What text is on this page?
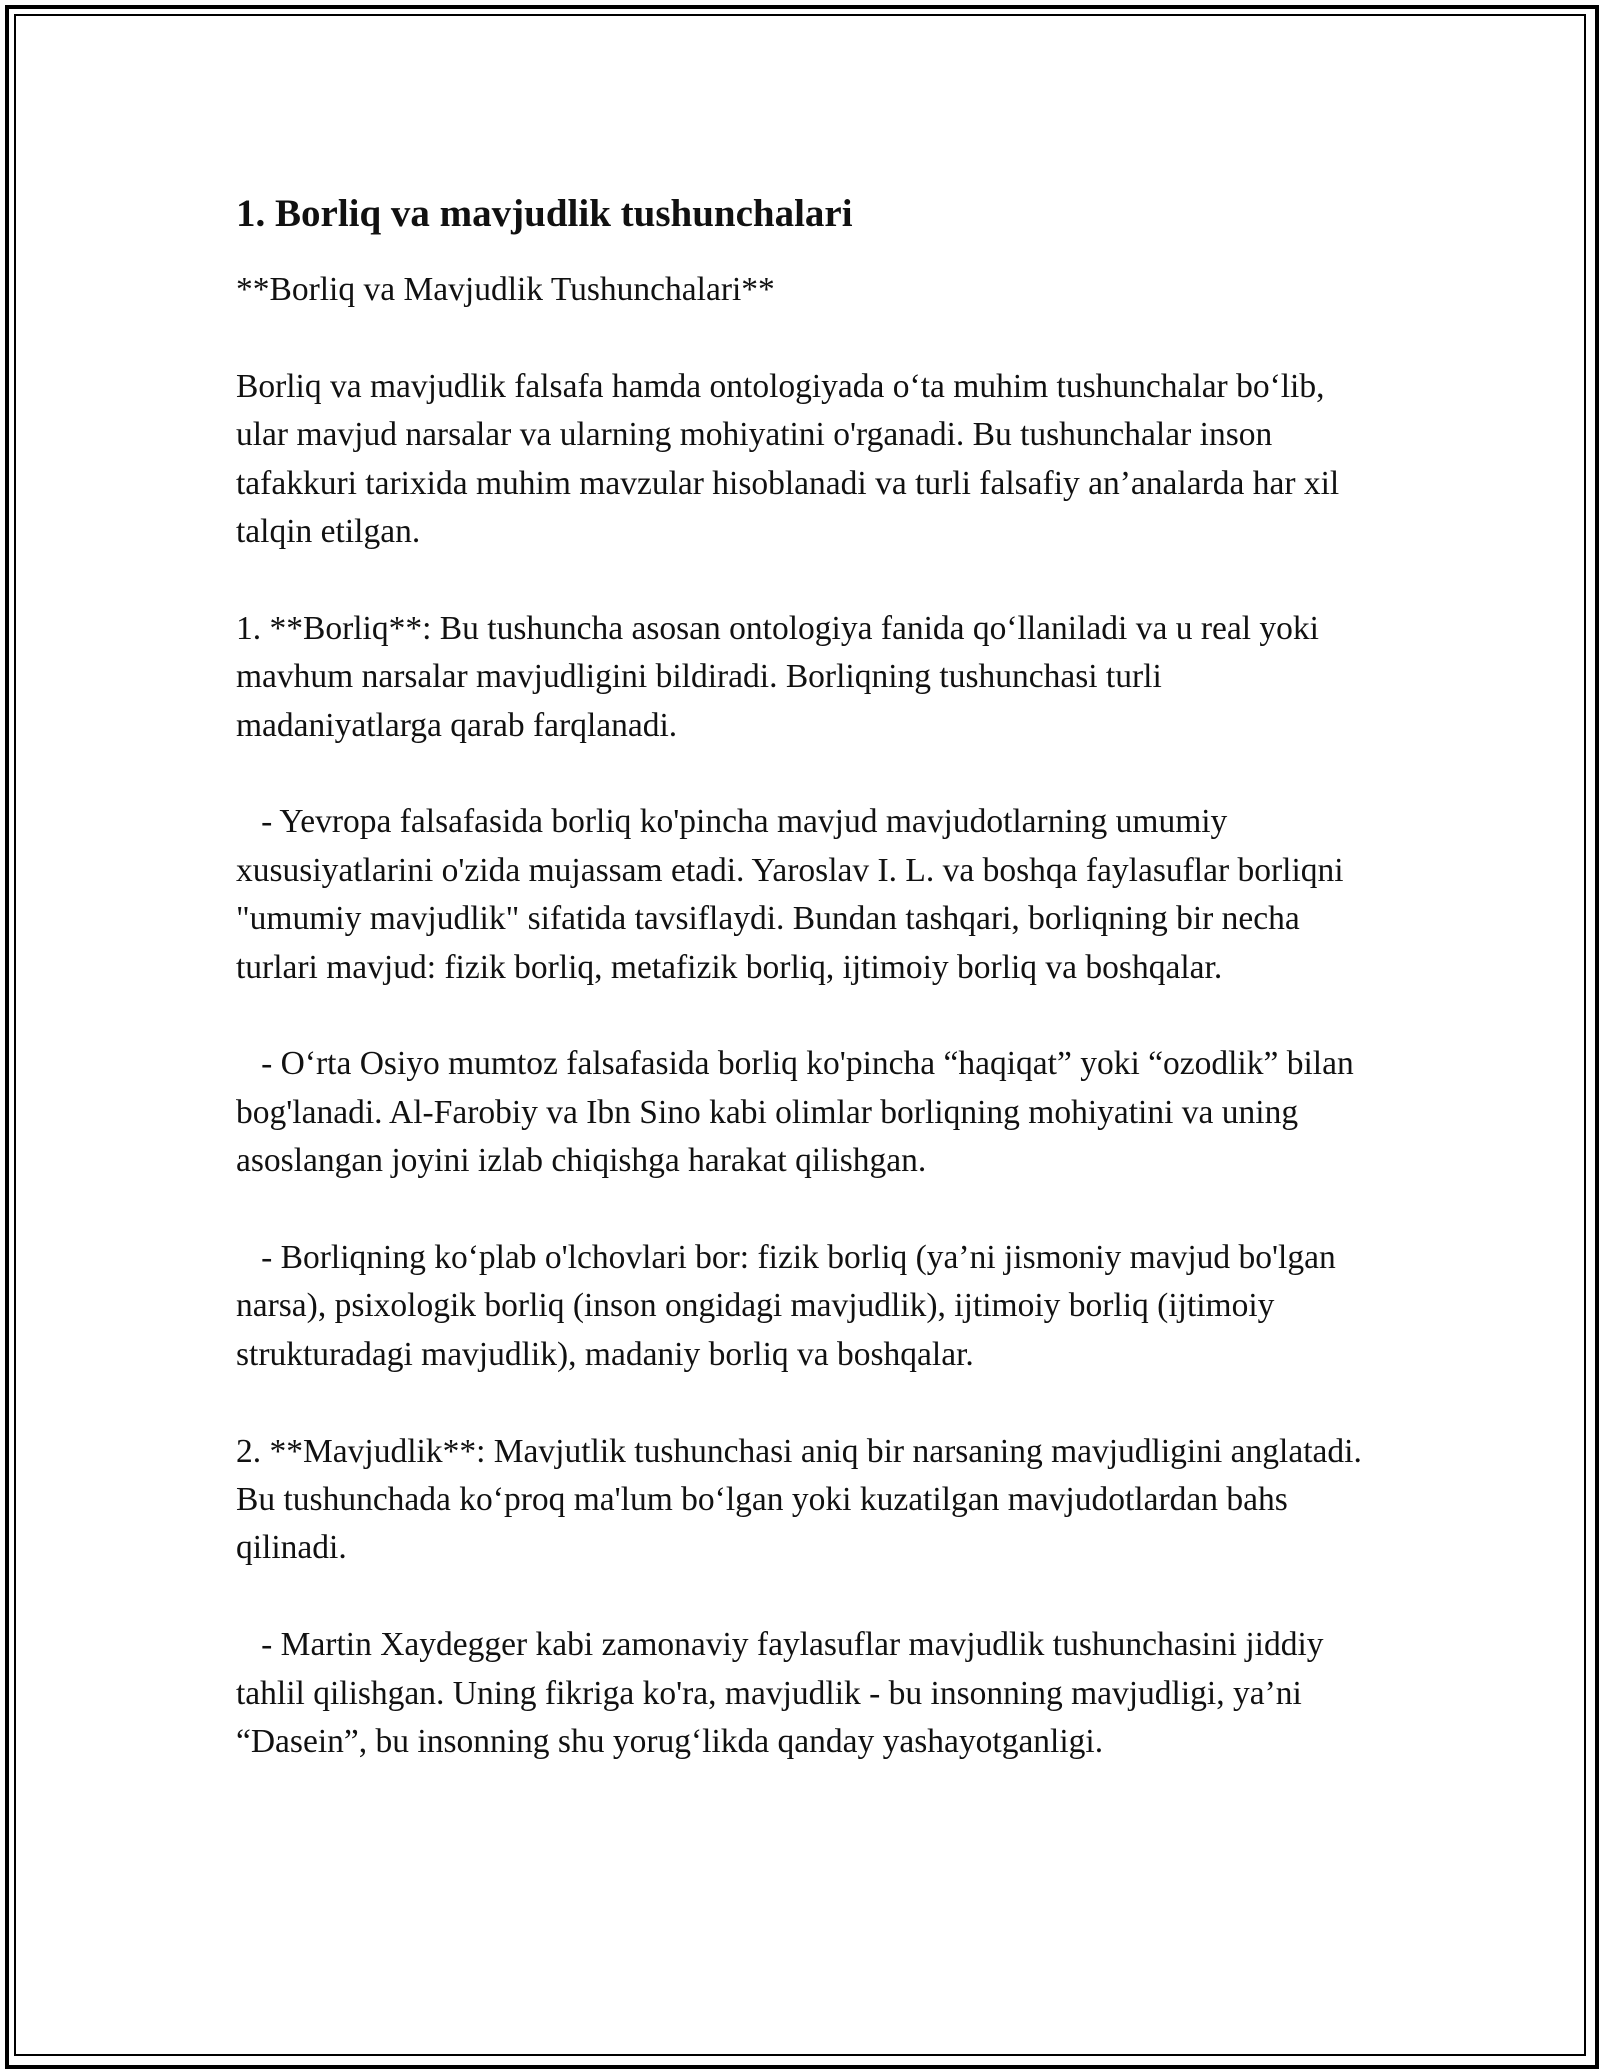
1. Borliq va mavjudlik tushunchalari

**Borliq va Mavjudlik Tushunchalari**

Borliq va mavjudlik falsafa hamda ontologiyada o‘ta muhim tushunchalar bo‘lib, ular mavjud narsalar va ularning mohiyatini o'rganadi. Bu tushunchalar inson tafakkuri tarixida muhim mavzular hisoblanadi va turli falsafiy an’analarda har xil talqin etilgan.

1. **Borliq**: Bu tushuncha asosan ontologiya fanida qo‘llaniladi va u real yoki mavhum narsalar mavjudligini bildiradi. Borliqning tushunchasi turli madaniyatlarga qarab farqlanadi.

- Yevropa falsafasida borliq ko'pincha mavjud mavjudotlarning umumiy xususiyatlarini o'zida mujassam etadi. Yaroslav I. L. va boshqa faylasuflar borliqni "umumiy mavjudlik" sifatida tavsiflaydi. Bundan tashqari, borliqning bir necha turlari mavjud: fizik borliq, metafizik borliq, ijtimoiy borliq va boshqalar.

- O‘rta Osiyo mumtoz falsafasida borliq ko'pincha “haqiqat” yoki “ozodlik” bilan bog'lanadi. Al-Farobiy va Ibn Sino kabi olimlar borliqning mohiyatini va uning asoslangan joyini izlab chiqishga harakat qilishgan.

- Borliqning ko‘plab o'lchovlari bor: fizik borliq (ya’ni jismoniy mavjud bo'lgan narsa), psixologik borliq (inson ongidagi mavjudlik), ijtimoiy borliq (ijtimoiy strukturadagi mavjudlik), madaniy borliq va boshqalar.

2. **Mavjudlik**: Mavjutlik tushunchasi aniq bir narsaning mavjudligini anglatadi. Bu tushunchada ko‘proq ma'lum bo‘lgan yoki kuzatilgan mavjudotlardan bahs qilinadi.

- Martin Xaydegger kabi zamonaviy faylasuflar mavjudlik tushunchasini jiddiy tahlil qilishgan. Uning fikriga ko'ra, mavjudlik - bu insonning mavjudligi, ya’ni “Dasein”, bu insonning shu yorug‘likda qanday yashayotganligi.
